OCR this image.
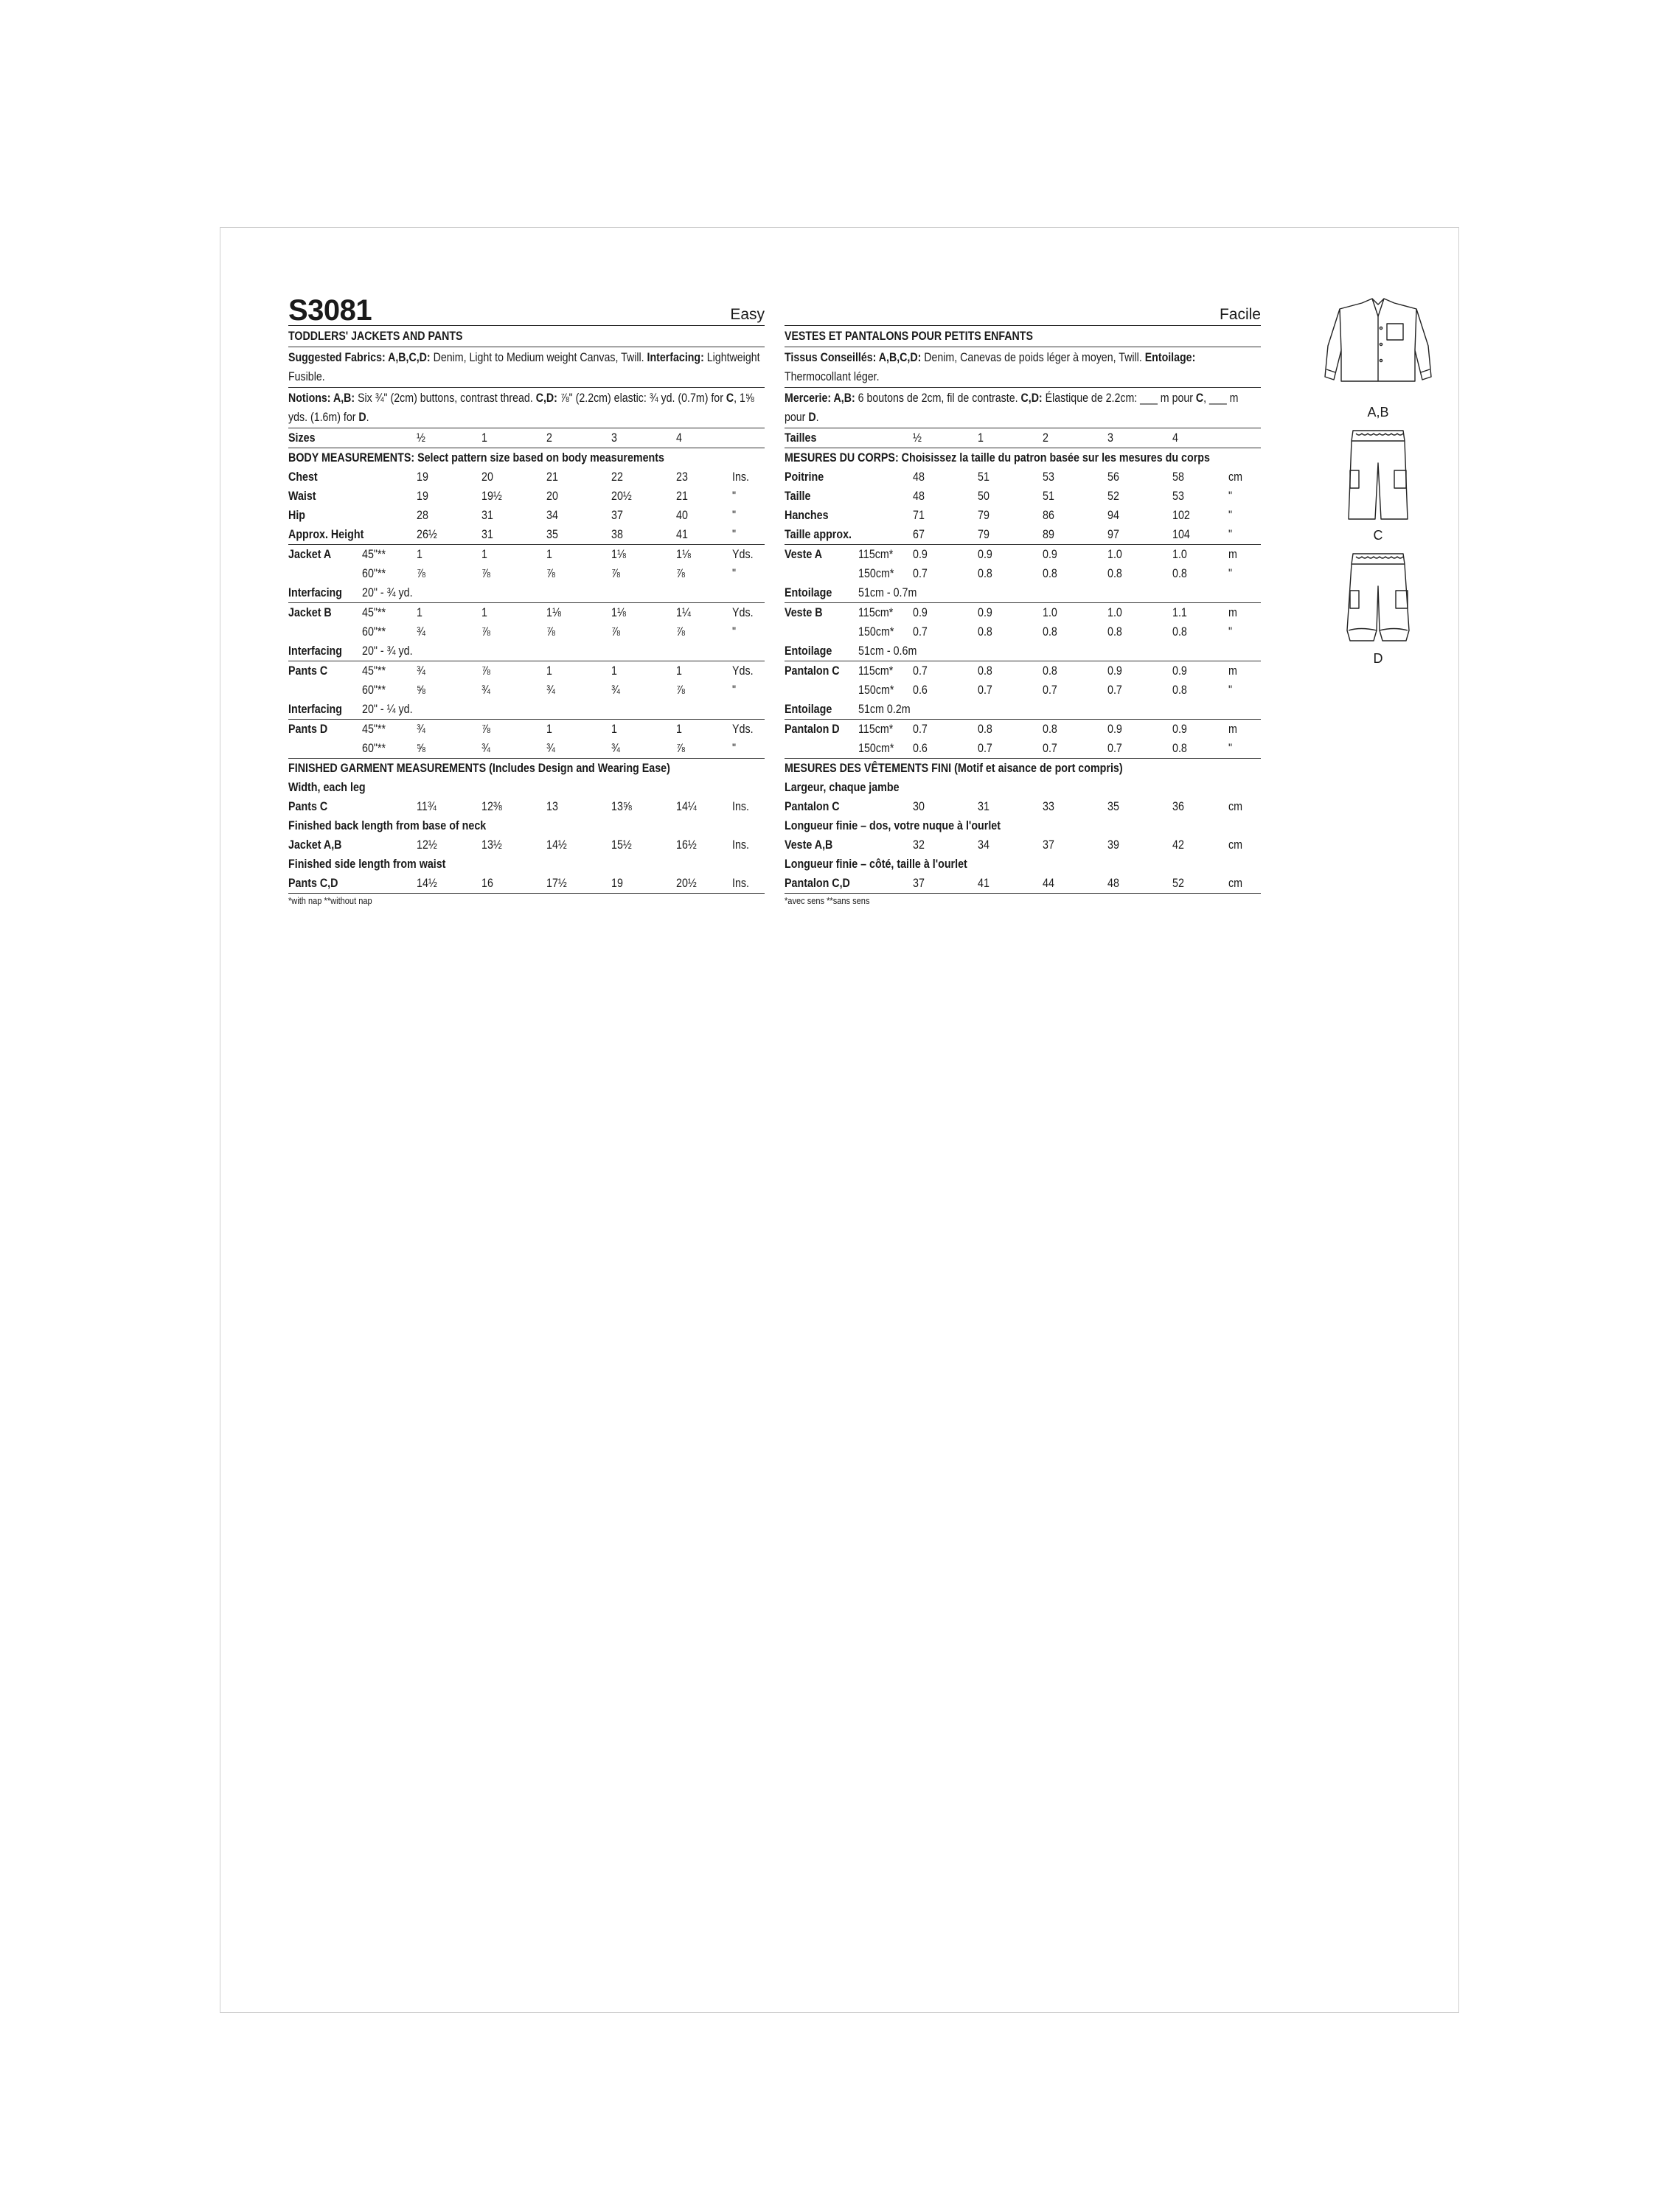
S3081	Easy
TODDLERS' JACKETS AND PANTS
Suggested Fabrics: A,B,C,D: Denim, Light to Medium weight Canvas, Twill. Interfacing: Lightweight Fusible.
Notions: A,B: Six ¾" (2cm) buttons, contrast thread. C,D: ⅞" (2.2cm) elastic: ¾ yd. (0.7m) for C, 1⅝ yds. (1.6m) for D.
Sizes		½	1	2	3	4	
BODY MEASUREMENTS: Select pattern size based on body measurements							
Chest		19	20	21	22	23	Ins.
Waist		19	19½	20	20½	21	"
Hip		28	31	34	37	40	"
Approx. Height		26½	31	35	38	41	"
Jacket A	45"**	1	1	1	1⅛	1⅛	Yds.
	60"**	⅞	⅞	⅞	⅞	⅞	"
Interfacing	20" - ¾ yd.						
Jacket B	45"**	1	1	1⅛	1⅛	1¼	Yds.
	60"**	¾	⅞	⅞	⅞	⅞	"
Interfacing	20" - ¾ yd.						
Pants C	45"**	¾	⅞	1	1	1	Yds.
	60"**	⅝	¾	¾	¾	⅞	"
Interfacing	20" - ¼ yd.						
Pants D	45"**	¾	⅞	1	1	1	Yds.
	60"**	⅝	¾	¾	¾	⅞	"
FINISHED GARMENT MEASUREMENTS (Includes Design and Wearing Ease)							
Width, each leg							
Pants C		11¾	12⅜	13	13⅝	14¼	Ins.
Finished back length from base of neck							
Jacket A,B		12½	13½	14½	15½	16½	Ins.
Finished side length from waist							
Pants C,D		14½	16	17½	19	20½	Ins.
*with nap **without nap
Facile
VESTES ET PANTALONS POUR PETITS ENFANTS
Tissus Conseillés: A,B,C,D: Denim, Canevas de poids léger à moyen, Twill. Entoilage: Thermocollant léger.
Mercerie: A,B: 6 boutons de 2cm, fil de contraste. C,D: Élastique de 2.2cm: ___ m pour C, ___ m pour D.
Tailles		½	1	2	3	4	
MESURES DU CORPS: Choisissez la taille du patron basée sur les mesures du corps							
Poitrine		48	51	53	56	58	cm
Taille		48	50	51	52	53	"
Hanches		71	79	86	94	102	"
Taille approx.		67	79	89	97	104	"
Veste A	115cm*	0.9	0.9	0.9	1.0	1.0	m
	150cm*	0.7	0.8	0.8	0.8	0.8	"
Entoilage	51cm - 0.7m						
Veste B	115cm*	0.9	0.9	1.0	1.0	1.1	m
	150cm*	0.7	0.8	0.8	0.8	0.8	"
Entoilage	51cm - 0.6m						
Pantalon C	115cm*	0.7	0.8	0.8	0.9	0.9	m
	150cm*	0.6	0.7	0.7	0.7	0.8	"
Entoilage	51cm 0.2m						
Pantalon D	115cm*	0.7	0.8	0.8	0.9	0.9	m
	150cm*	0.6	0.7	0.7	0.7	0.8	"
MESURES DES VÊTEMENTS FINI (Motif et aisance de port compris)							
Largeur, chaque jambe							
Pantalon C		30	31	33	35	36	cm
Longueur finie – dos, votre nuque à l'ourlet							
Veste A,B		32	34	37	39	42	cm
Longueur finie – côté, taille à l'ourlet							
Pantalon C,D		37	41	44	48	52	cm
*avec sens **sans sens
A,B
C
D
